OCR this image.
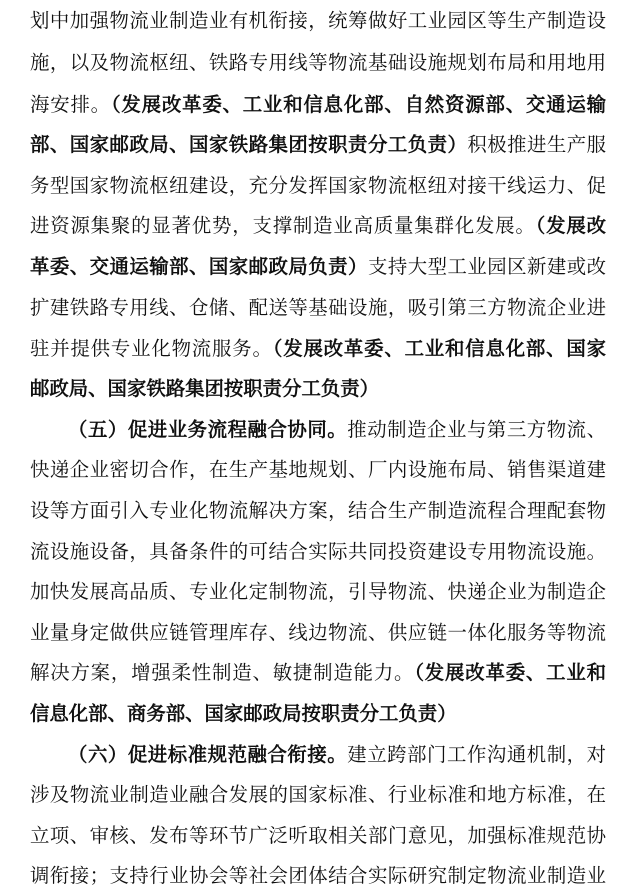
划中加强物流业制造业有机衔接，统筹做好工业园区等生产制造设
施，以及物流枢纽、铁路专用线等物流基础设施规划布局和用地用
海安排。（发展改革委、工业和信息化部、自然资源部、交通运输
部、国家邮政局、国家铁路集团按职责分工负责）积极推进生产服
务型国家物流枢纽建设，充分发挥国家物流枢纽对接干线运力、促
进资源集聚的显著优势，支撑制造业高质量集群化发展。（发展改
革委、交通运输部、国家邮政局负责）支持大型工业园区新建或改
扩建铁路专用线、仓储、配送等基础设施，吸引第三方物流企业进
驻并提供专业化物流服务。（发展改革委、工业和信息化部、国家
邮政局、国家铁路集团按职责分工负责）
（五）促进业务流程融合协同。推动制造企业与第三方物流、
快递企业密切合作，在生产基地规划、厂内设施布局、销售渠道建
设等方面引入专业化物流解决方案，结合生产制造流程合理配套物
流设施设备，具备条件的可结合实际共同投资建设专用物流设施。
加快发展高品质、专业化定制物流，引导物流、快递企业为制造企
业量身定做供应链管理库存、线边物流、供应链一体化服务等物流
解决方案，增强柔性制造、敏捷制造能力。（发展改革委、工业和
信息化部、商务部、国家邮政局按职责分工负责）
（六）促进标准规范融合衔接。建立跨部门工作沟通机制，对
涉及物流业制造业融合发展的国家标准、行业标准和地方标准，在
立项、审核、发布等环节广泛听取相关部门意见，加强标准规范协
调衔接；支持行业协会等社会团体结合实际研究制定物流业制造业
